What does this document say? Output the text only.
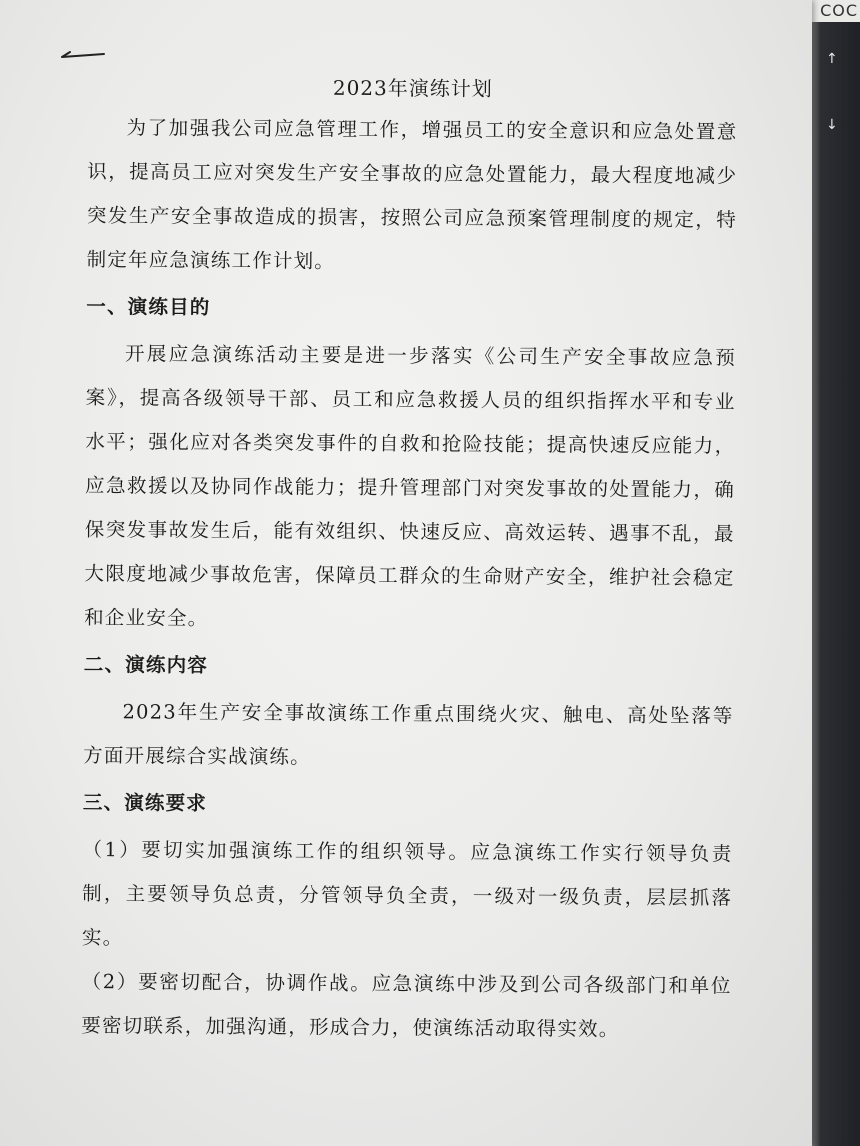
COC
↑
↓

2023年演练计划

为了加强我公司应急管理工作，增强员工的安全意识和应急处置意识，提高员工应对突发生产安全事故的应急处置能力，最大程度地减少突发生产安全事故造成的损害，按照公司应急预案管理制度的规定，特制定年应急演练工作计划。

一、演练目的

开展应急演练活动主要是进一步落实《公司生产安全事故应急预案》，提高各级领导干部、员工和应急救援人员的组织指挥水平和专业水平；强化应对各类突发事件的自救和抢险技能；提高快速反应能力，应急救援以及协同作战能力；提升管理部门对突发事故的处置能力，确保突发事故发生后，能有效组织、快速反应、高效运转、遇事不乱，最大限度地减少事故危害，保障员工群众的生命财产安全，维护社会稳定和企业安全。

二、演练内容

2023年生产安全事故演练工作重点围绕火灾、触电、高处坠落等方面开展综合实战演练。

三、演练要求

（1）要切实加强演练工作的组织领导。应急演练工作实行领导负责制，主要领导负总责，分管领导负全责，一级对一级负责，层层抓落实。

（2）要密切配合，协调作战。应急演练中涉及到公司各级部门和单位要密切联系，加强沟通，形成合力，使演练活动取得实效。
